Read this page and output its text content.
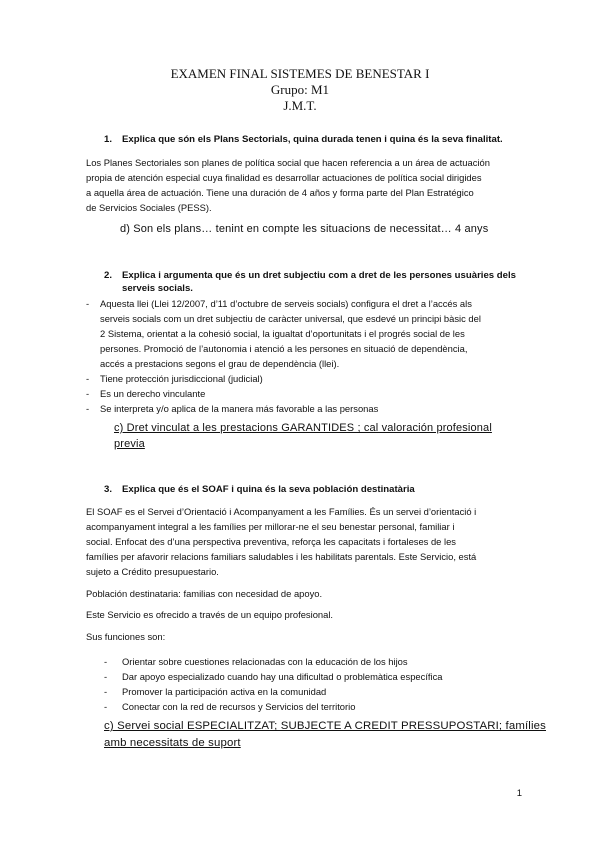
EXAMEN FINAL SISTEMES DE BENESTAR I
Grupo: M1
J.M.T.
1. Explica que són els Plans Sectorials, quina durada tenen i quina és la seva finalitat.
Los Planes Sectoriales son planes de política social que hacen referencia a un área de actuación
propia de atención especial cuya finalidad es desarrollar actuaciones de política social dirigides
a aquella área de actuación. Tiene una duración de 4 años y forma parte del Plan Estratégico
de Servicios Sociales (PESS).
d) Son els plans… tenint en compte les situacions de necessitat… 4 anys
2. Explica i argumenta que és un dret subjectiu com a dret de les persones usuàries dels
serveis socials.
- Aquesta llei (Llei 12/2007, d’11 d’octubre de serveis socials) configura el dret a l’accés als
serveis socials com un dret subjectiu de caràcter universal, que esdevé un principi bàsic del
2 Sistema, orientat a la cohesió social, la igualtat d’oportunitats i el progrés social de les
persones. Promoció de l’autonomia i atenció a les persones en situació de dependència,
accés a prestacions segons el grau de dependència (llei).
- Tiene protección jurisdiccional (judicial)
- Es un derecho vinculante
- Se interpreta y/o aplica de la manera más favorable a las personas
c) Dret vinculat a les prestacions GARANTIDES ; cal valoración profesional
previa
3. Explica que és el SOAF i quina és la seva población destinatària
El SOAF es el Servei d’Orientació i Acompanyament a les Famílies. És un servei d’orientació i
acompanyament integral a les famílies per millorar-ne el seu benestar personal, familiar i
social. Enfocat des d’una perspectiva preventiva, reforça les capacitats i fortaleses de les
famílies per afavorir relacions familiars saludables i les habilitats parentals. Este Servicio, está
sujeto a Crédito presupuestario.
Población destinataria: familias con necesidad de apoyo.
Este Servicio es ofrecido a través de un equipo profesional.
Sus funciones son:
- Orientar sobre cuestiones relacionadas con la educación de los hijos
- Dar apoyo especializado cuando hay una dificultad o problemàtica específica
- Promover la participación activa en la comunidad
- Conectar con la red de recursos y Servicios del territorio
c) Servei social ESPECIALITZAT; SUBJECTE A CREDIT PRESSUPOSTARI; famílies
amb necessitats de suport
1
